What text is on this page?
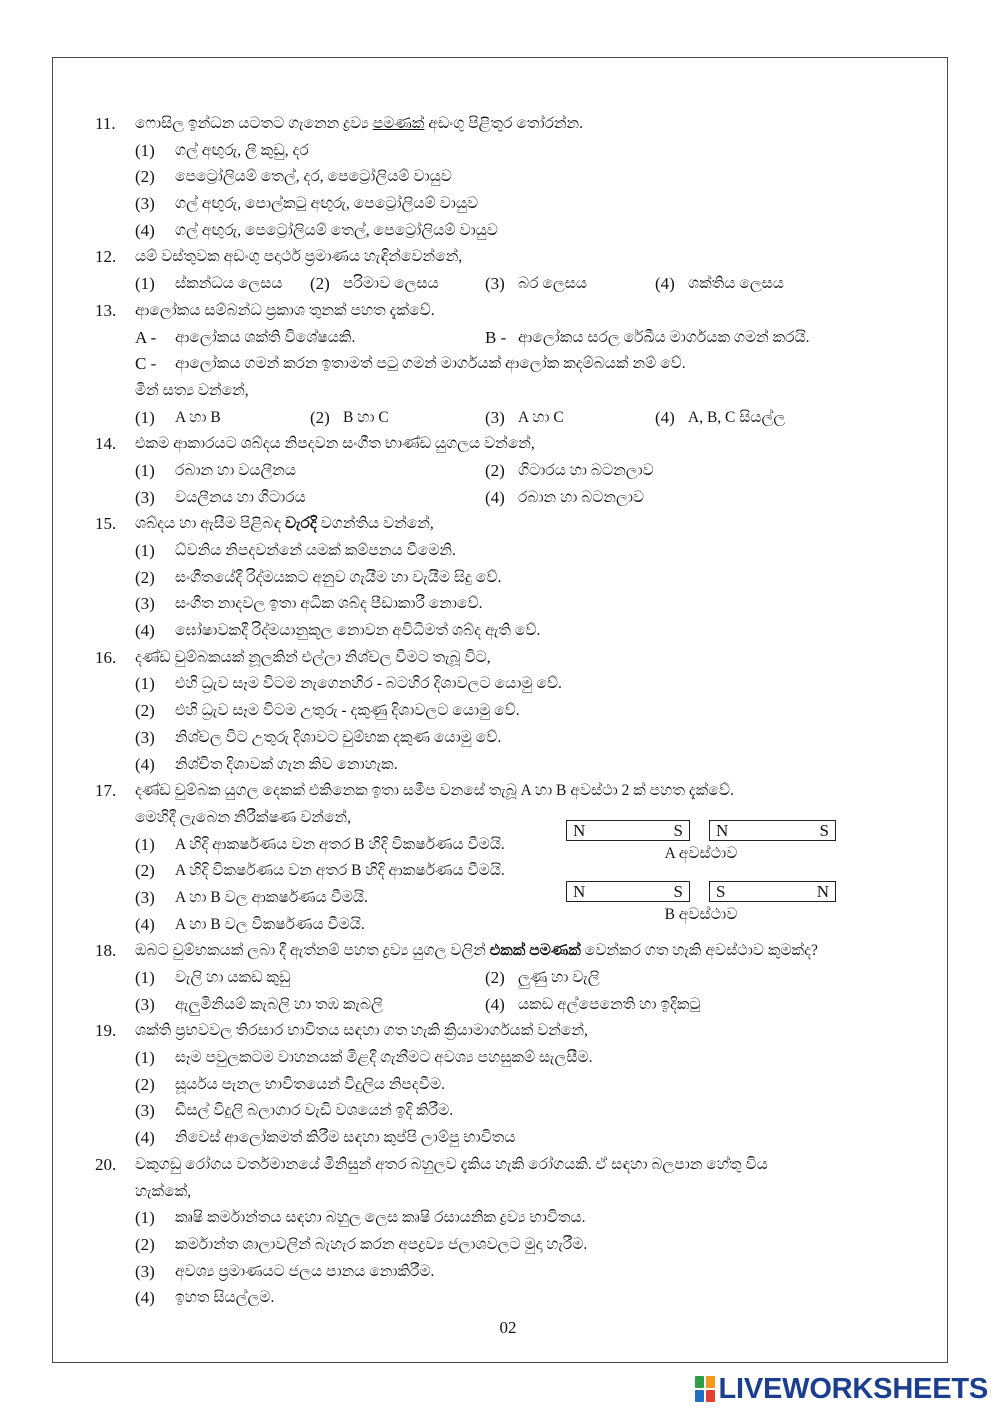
11. ෆොසිල ඉන්ධන යටතට ගැනෙන ද්‍රව්‍ය පමණක් අඩංගු පිළිතුර තෝරන්න.
(1) ගල් අඟුරු, ලී කුඩු, දර
(2) පෙට්‍රෝලියම් තෙල්, දර, පෙට්‍රෝලියම් වායුව
(3) ගල් අඟුරු, පොල්කටු අඟුරු, පෙට්‍රෝලියම් වායුව
(4) ගල් අඟුරු, පෙට්‍රෝලියම් තෙල්, පෙට්‍රෝලියම් වායුව
12. යම් වස්තුවක අඩංගු පදාර්ථ ප්‍රමාණය හැඳින්වෙන්නේ,
(1) ස්කන්ධය ලෙසය (2) පරිමාව ලෙසය	(3) බර ලෙසය	(4) ශක්තිය ලෙසය
13. ආලෝකය සම්බන්ධ ප්‍රකාශ තුනක් පහත දැක්වේ.
A - ආලෝකය ශක්ති විශේෂයකි.	B - ආලෝකය සරල රේඛීය මාර්ගයක ගමන් කරයි.
C - ආලෝකය ගමන් කරන ඉතාමත් පටු ගමන් මාර්ගයක් ආලෝක කදම්බයක් නම් වේ.
මින් සත්‍ය වන්නේ,
(1) A හා B	(2) B හා C	(3) A හා C	(4) A, B, C සියල්ල
14. එකම ආකාරයට ශබ්දය නිපදවන සංගීත භාණ්ඩ යුගලය වන්නේ,
(1) රබාන හා වයලීනය	(2) ගිටාරය හා බටනලාව
(3) වයලීනය හා ගිටාරය	(4) රබාන හා බටනලාව
15. ශබ්දය හා ඇසීම පිළිබඳ වැරදි වගන්තිය වන්නේ,
(1) ධ්වනිය නිපදවන්නේ යමක් කම්පනය වීමෙනි.
(2) සංගීතයේදී රිද්මයකට අනුව ගැයීම හා වැයීම සිදු වේ.
(3) සංගීත නාදවල ඉතා අධික ශබ්ද පීඩාකාරී නොවේ.
(4) ඝෝෂාවකදී රිද්මයානුකූල නොවන අවිධිමත් ශබ්ද ඇති වේ.
16. දණ්ඩ චුම්බකයක් නූලකින් එල්ලා නිශ්චල වීමට තැබූ විට,
(1) එහි ධ්‍රැව සෑම විටම නැගෙනහිර - බටහිර දිශාවලට යොමු වේ.
(2) එහි ධ්‍රැව සෑම විටම උතුරු - දකුණු දිශාවලට යොමු වේ.
(3) නිශ්චල විට උතුරු දිශාවට චුම්භක දකුණ යොමු වේ.
(4) නිශ්චිත දිශාවක් ගැන කිව නොහැක.
17. දණ්ඩ චුම්බක යුගල දෙකක් එකිනෙක ඉතා සමීප වනසේ තැබූ A හා B අවස්ථා 2 ක් පහත දැක්වේ.
මෙහිදී ලැබෙන නිරීක්ෂණ වන්නේ,
(1) A හිදි ආකර්ෂණය වන අතර B හිදි විකර්ෂණය වීමයි.
(2) A හිදි විකර්ෂණය වන අතර B හිදි ආකර්ෂණය වීමයි.
(3) A හා B වල ආකර්ෂණය වීමයි.
(4) A හා B වල විකර්ෂණය වීමයි.
18. ඔබට චුම්භකයක් ලබා දී ඇත්නම් පහත ද්‍රව්‍ය යුගල වලින් එකක් පමණක් වෙන්කර ගත හැකි අවස්ථාව කුමක්ද?
(1) වැලි හා යකඩ කුඩු	(2) ලුණු හා වැලි
(3) ඇලුමිනියම් කැබලි හා තඹ කැබලි	(4) යකඩ අල්පෙනෙති හා ඉදිකටු
19. ශක්ති ප්‍රභවවල තිරසාර භාවිතය සඳහා ගත හැකි ක්‍රියාමාර්ගයක් වන්නේ,
(1) සෑම පවුලකටම වාහනයක් මිළදී ගැනීමට අවශ්‍ය පහසුකම් සැලසීම.
(2) සූර්යය පැනල භාවිතයෙන් විදුලිය නිපදවීම.
(3) ඩීසල් විදුලි බලාගාර වැඩි වශයෙන් ඉදි කිරීම.
(4) නිවෙස් ආලෝකමත් කිරීම සඳහා කුප්පි ලාම්පු භාවිතය
20. වකුගඩු රෝගය වර්තමානයේ මිනිසුන් අතර බහුලව දැකිය හැකි රෝගයකි. ඒ සඳහා බලපාන හේතු විය
හැක්කේ,
(1) කෘෂි කර්මාන්තය සඳහා බහුල ලෙස කෘෂි රසායනික ද්‍රව්‍ය භාවිතය.
(2) කර්මාන්ත ශාලාවලින් බැහැර කරන අපද්‍රව්‍ය ජලාශවලට මුදා හැරීම.
(3) අවශ්‍ය ප්‍රමාණයට ජලය පානය නොකිරීම.
(4) ඉහත සියල්ලම.
N	S N	S
A අවස්ථාව
N	S S	N
B අවස්ථාව
02
LIVEWORKSHEETS
